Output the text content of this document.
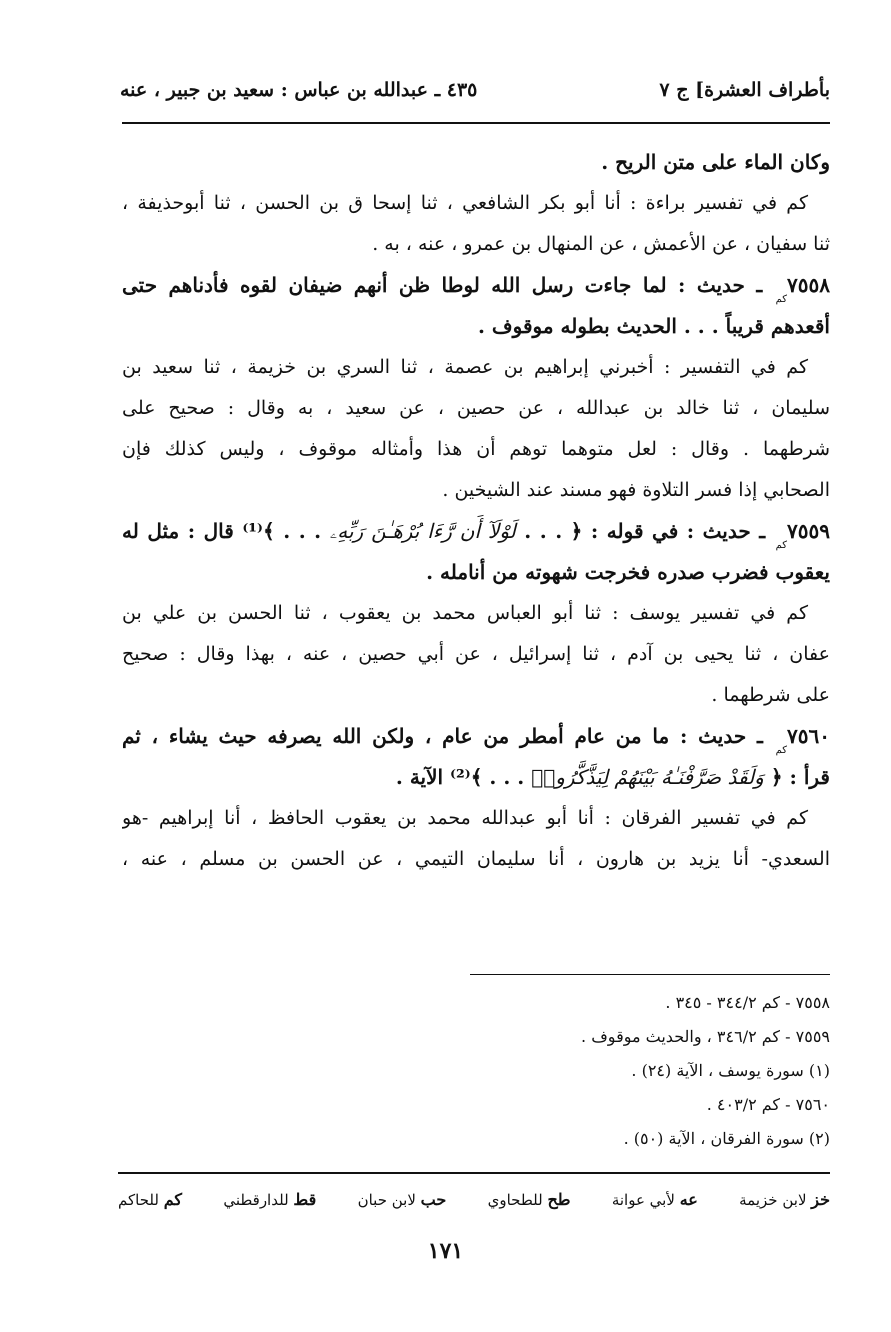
بأطراف العشرة] ج ٧
٤٣٥ ـ عبدالله بن عباس : سعيد بن جبير ، عنه
وكان الماء على متن الريح .
كم في تفسير براءة : أنا أبو بكر الشافعي ، ثنا إسحا ق بن الحسن ، ثنا أبوحذيفة ،
ثنا سفيان ، عن الأعمش ، عن المنهال بن عمرو ، عنه ، به .
$٧٥٥٨_{كم}$ ـ حديث : لما جاءت رسل الله لوطا ظن أنهم ضيفان لقوه فأدناهم حتى
أقعدهم قريباً . . . الحديث بطوله موقوف .
كم في التفسير : أخبرني إبراهيم بن عصمة ، ثنا السري بن خزيمة ، ثنا سعيد بن
سليمان ، ثنا خالد بن عبدالله ، عن حصين ، عن سعيد ، به وقال : صحيح على
شرطهما . وقال : لعل متوهما توهم أن هذا وأمثاله موقوف ، وليس كذلك فإن
الصحابي إذا فسر التلاوة فهو مسند عند الشيخين .
$٧٥٥٩_{كم}$ ـ حديث : في قوله : ﴿ . . . لَوْلَآ أَن رَّءَا بُرْهَـٰنَ رَبِّهِۦ . . . ﴾⁽¹⁾ قال : مثل له
يعقوب فضرب صدره فخرجت شهوته من أنامله .
كم في تفسير يوسف : ثنا أبو العباس محمد بن يعقوب ، ثنا الحسن بن علي بن
عفان ، ثنا يحيى بن آدم ، ثنا إسرائيل ، عن أبي حصين ، عنه ، بهذا وقال : صحيح
على شرطهما .
$٧٥٦٠_{كم}$ ـ حديث : ما من عام أمطر من عام ، ولكن الله يصرفه حيث يشاء ، ثم
قرأ : ﴿ وَلَقَدْ صَرَّفْنَـٰهُ بَيْنَهُمْ لِيَذَّكَّرُوا۟ . . . ﴾⁽²⁾ الآية .
كم في تفسير الفرقان : أنا أبو عبدالله محمد بن يعقوب الحافظ ، أنا إبراهيم -هو
السعدي- أنا يزيد بن هارون ، أنا سليمان التيمي ، عن الحسن بن مسلم ، عنه ،
٧٥٥٨ - كم ٣٤٤/٢ - ٣٤٥ .
٧٥٥٩ - كم ٣٤٦/٢ ، والحديث موقوف .
(١) سورة يوسف ، الآية (٢٤) .
٧٥٦٠ - كم ٤٠٣/٢ .
(٢) سورة الفرقان ، الآية (٥٠) .
خز لابن خزيمة
عه لأبي عوانة
طح للطحاوي
حب لابن حبان
قط للدارقطني
كم للحاكم
١٧١
